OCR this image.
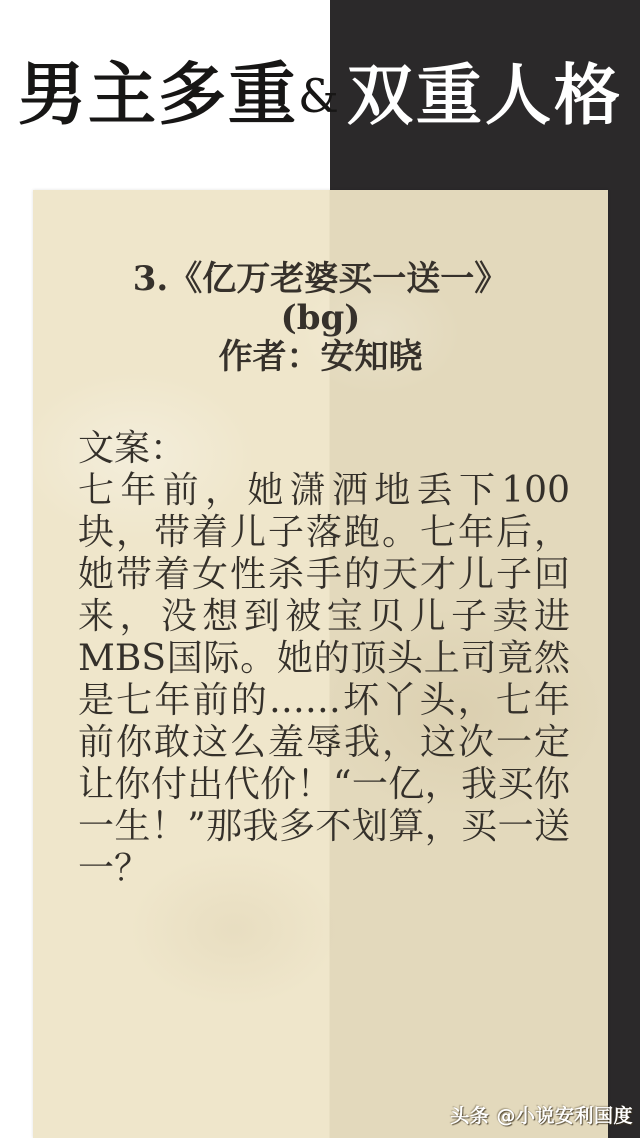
男主多重& 双重人格
3.《亿万老婆买一送一》
(bg)
作者：安知晓
文案：
七年前，她潇洒地丢下100块，带着儿子落跑。七年后，她带着女性杀手的天才儿子回来，没想到被宝贝儿子卖进MBS国际。她的顶头上司竟然是七年前的……坏丫头，七年前你敢这么羞辱我，这次一定让你付出代价！“一亿，我买你一生！”那我多不划算，买一送一？
头条 @小说安利国度
